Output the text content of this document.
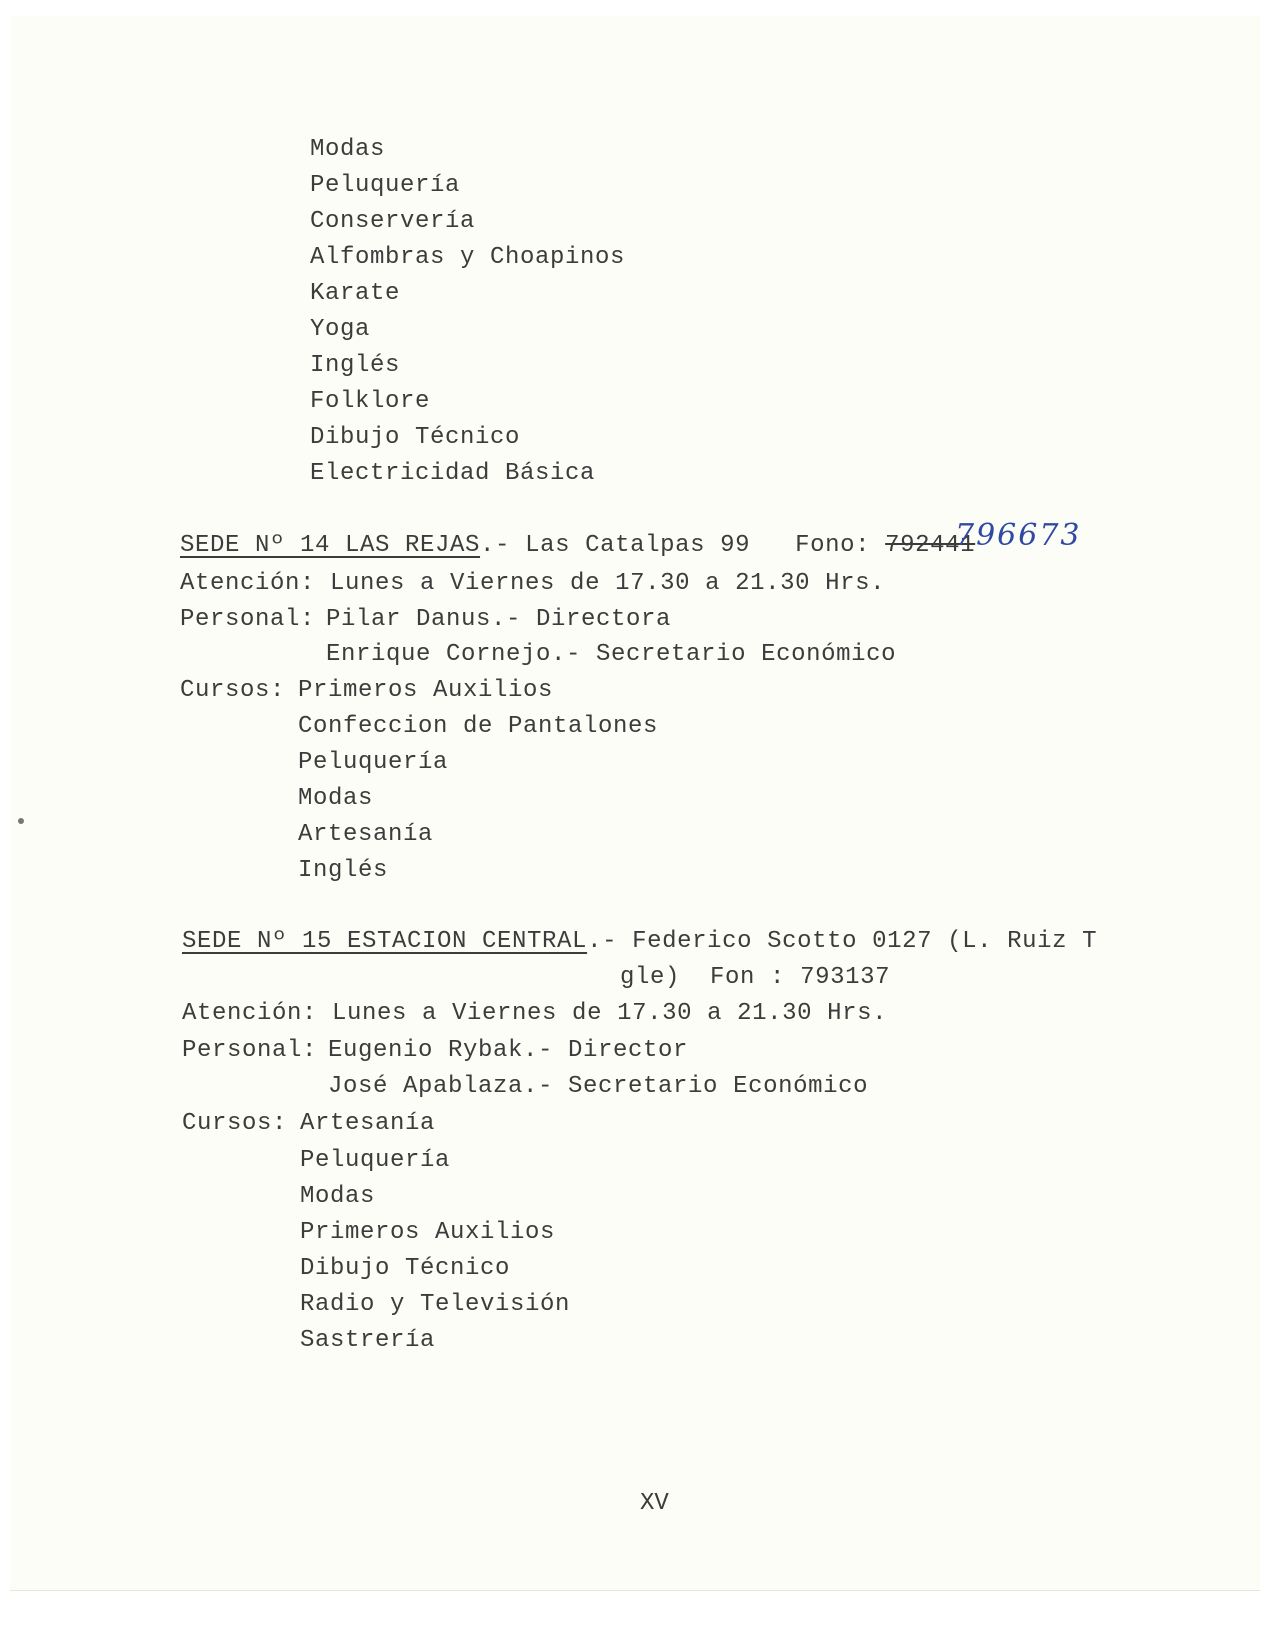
Modas
Peluquería
Conservería
Alfombras y Choapinos
Karate
Yoga
Inglés
Folklore
Dibujo Técnico
Electricidad Básica
SEDE Nº 14 LAS REJAS.- Las Catalpas 99 Fono: 792441
796673
Atención: Lunes a Viernes de 17.30 a 21.30 Hrs.
Personal: Pilar Danus.- Directora
Enrique Cornejo.- Secretario Económico
Cursos: Primeros Auxilios
Confeccion de Pantalones
Peluquería
Modas
Artesanía
Inglés
SEDE Nº 15 ESTACION CENTRAL.- Federico Scotto 0127 (L. Ruiz T
gle) Fon : 793137
Atención: Lunes a Viernes de 17.30 a 21.30 Hrs.
Personal: Eugenio Rybak.- Director
José Apablaza.- Secretario Económico
Cursos: Artesanía
Peluquería
Modas
Primeros Auxilios
Dibujo Técnico
Radio y Televisión
Sastrería
XV
